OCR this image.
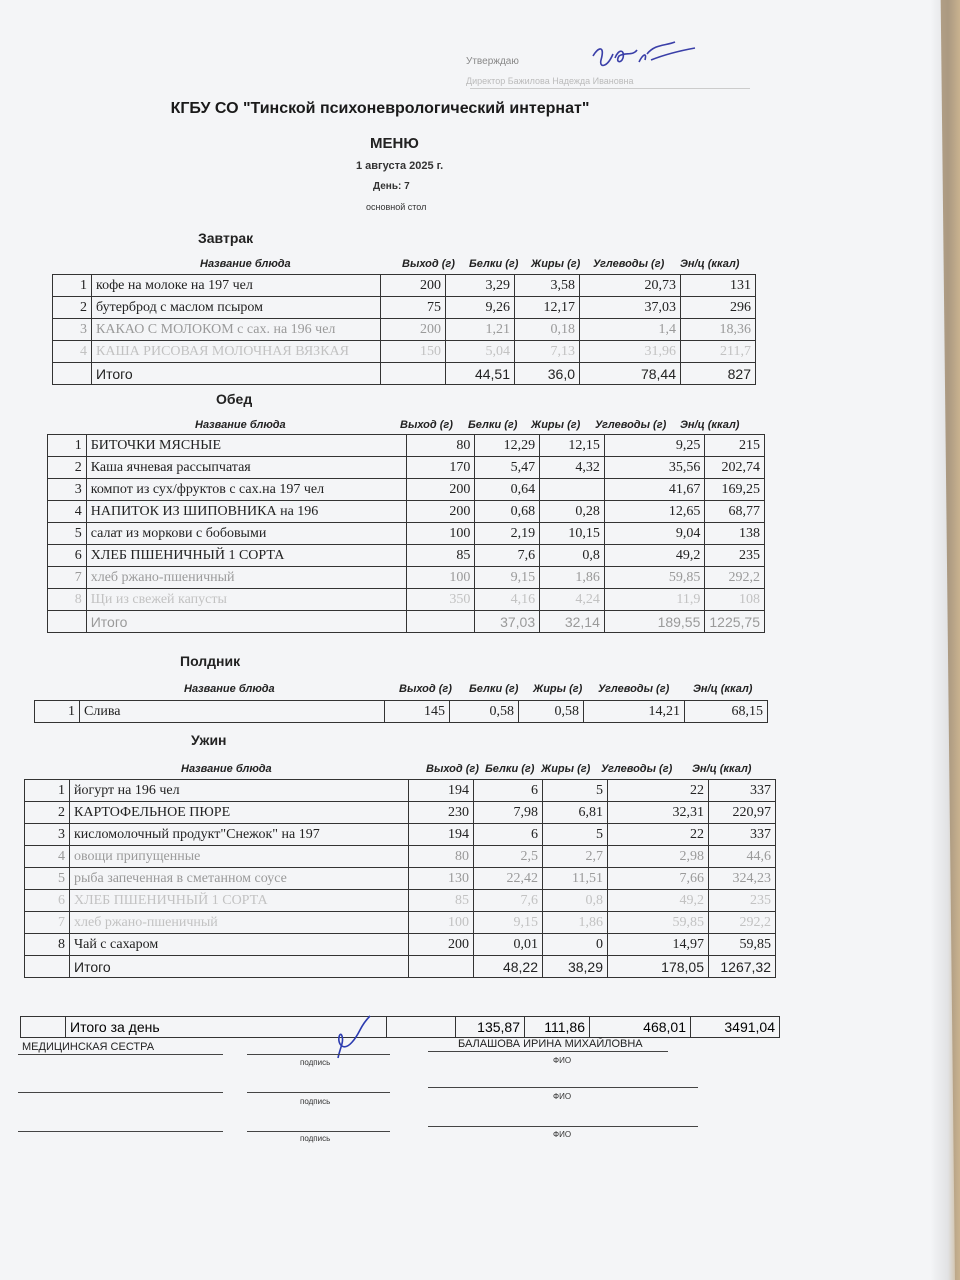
Утверждаю
Директор Бажилова Надежда Ивановна
КГБУ СО "Тинской психоневрологический интернат"
МЕНЮ
1 августа 2025 г.
День: 7
основной стол
Завтрак
Название блюда	Выход (г) Белки (г) Жиры (г) Углеводы (г) Эн/ц (ккал)
1	кофе на молоке на 197 чел	200	3,29	3,58	20,73	131
2	бутерброд с маслом псыром	75	9,26	12,17	37,03	296
3	КАКАО С МОЛОКОМ с сах. на 196 чел	200	1,21	0,18	1,4	18,36
4	КАША РИСОВАЯ МОЛОЧНАЯ ВЯЗКАЯ	150	5,04	7,13	31,96	211,7
	Итого		44,51	36,0	78,44	827
Обед
Название блюда	Выход (г) Белки (г) Жиры (г) Углеводы (г) Эн/ц (ккал)
1	БИТОЧКИ МЯСНЫЕ	80	12,29	12,15	9,25	215
2	Каша ячневая рассыпчатая	170	5,47	4,32	35,56	202,74
3	компот из сух/фруктов с сах.на 197 чел	200	0,64		41,67	169,25
4	НАПИТОК ИЗ ШИПОВНИКА на 196	200	0,68	0,28	12,65	68,77
5	салат из моркови с бобовыми	100	2,19	10,15	9,04	138
6	ХЛЕБ ПШЕНИЧНЫЙ 1 СОРТА	85	7,6	0,8	49,2	235
7	хлеб ржано-пшеничный	100	9,15	1,86	59,85	292,2
8	Щи из свежей капусты	350	4,16	4,24	11,9	108
	Итого		37,03	32,14	189,55	1225,75
Полдник
Название блюда	Выход (г) Белки (г) Жиры (г) Углеводы (г) Эн/ц (ккал)
1	Слива	145	0,58	0,58	14,21	68,15
Ужин
Название блюда	Выход (г) Белки (г) Жиры (г) Углеводы (г) Эн/ц (ккал)
1	йогурт на 196 чел	194	6	5	22	337
2	КАРТОФЕЛЬНОЕ ПЮРЕ	230	7,98	6,81	32,31	220,97
3	кисломолочный продукт"Снежок" на 197	194	6	5	22	337
4	овощи припущенные	80	2,5	2,7	2,98	44,6
5	рыба запеченная в сметанном соусе	130	22,42	11,51	7,66	324,23
6	ХЛЕБ ПШЕНИЧНЫЙ 1 СОРТА	85	7,6	0,8	49,2	235
7	хлеб ржано-пшеничный	100	9,15	1,86	59,85	292,2
8	Чай с сахаром	200	0,01	0	14,97	59,85
	Итого		48,22	38,29	178,05	1267,32
	Итого за день		135,87	111,86	468,01	3491,04
МЕДИЦИНСКАЯ СЕСТРА	БАЛАШОВА ИРИНА МИХАЙЛОВНА
подпись	ФИО
подпись
ФИО
подпись	ФИО
